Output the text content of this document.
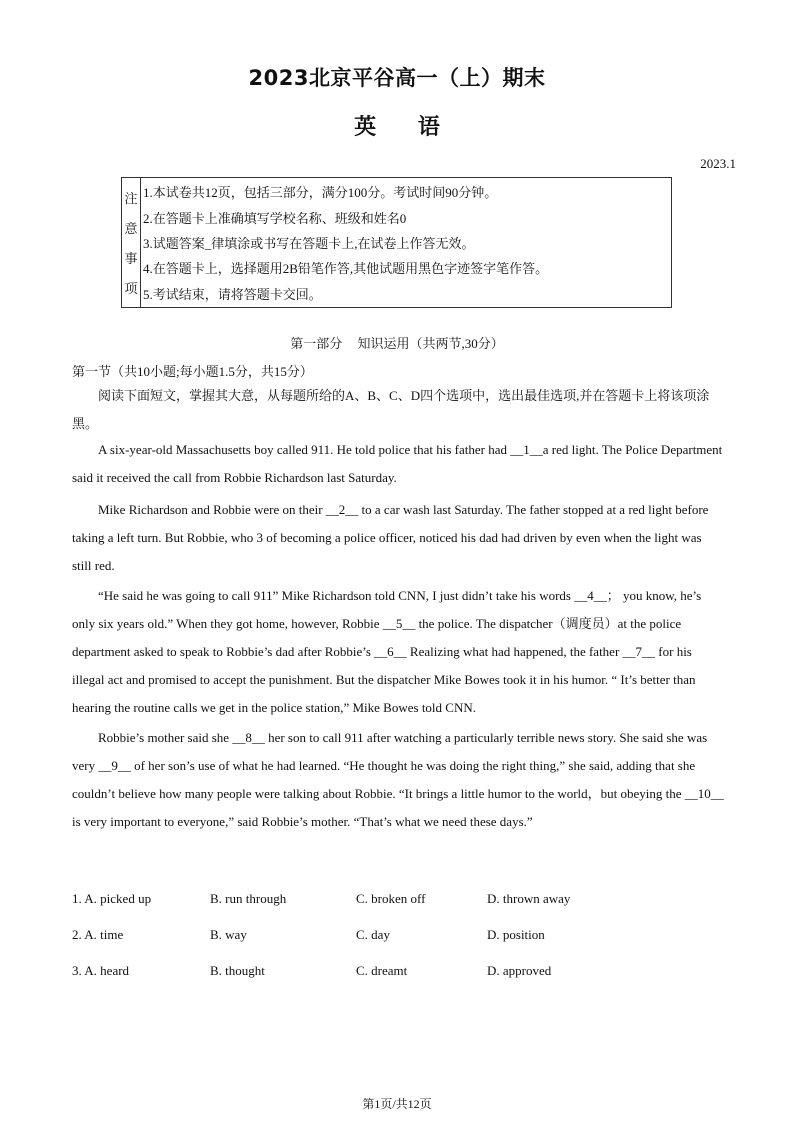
2023北京平谷高一（上）期末
英 语
2023.1
注
意
事
项
1.本试卷共12页，包括三部分，满分100分。考试时间90分钟。
2.在答题卡上准确填写学校名称、班级和姓名0
3.试题答案_律填涂或书写在答题卡上,在试卷上作答无效。
4.在答题卡上，选择题用2B铅笔作答,其他试题用黑色字迹签字笔作答。
5.考试结束，请将答题卡交回。
第一部分 知识运用（共两节,30分）
第一节（共10小题;每小题1.5分，共15分）
阅读下面短文，掌握其大意，从每题所给的A、B、C、D四个选项中，选出最佳选项,并在答题卡上将该项涂黑。
A six-year-old Massachusetts boy called 911. He told police that his father had __1__a red light. The Police Department said it received the call from Robbie Richardson last Saturday.
Mike Richardson and Robbie were on their __2__ to a car wash last Saturday. The father stopped at a red light before taking a left turn. But Robbie, who 3 of becoming a police officer, noticed his dad had driven by even when the light was still red.
“He said he was going to call 911” Mike Richardson told CNN, I just didn’t take his words __4__； you know, he’s only six years old.” When they got home, however, Robbie __5__ the police. The dispatcher（调度员）at the police department asked to speak to Robbie’s dad after Robbie’s __6__ Realizing what had happened, the father __7__ for his illegal act and promised to accept the punishment. But the dispatcher Mike Bowes took it in his humor. “ It’s better than hearing the routine calls we get in the police station,” Mike Bowes told CNN.
Robbie’s mother said she __8__ her son to call 911 after watching a particularly terrible news story. She said she was very __9__ of her son’s use of what he had learned. “He thought he was doing the right thing,” she said, adding that she couldn’t believe how many people were talking about Robbie. “It brings a little humor to the world，but obeying the __10__ is very important to everyone,” said Robbie’s mother. “That’s what we need these days.”
1. A. picked up	B. run through	C. broken off	D. thrown away
2. A. time	B. way	C. day	D. position
3. A. heard	B. thought	C. dreamt	D. approved
第1页/共12页
